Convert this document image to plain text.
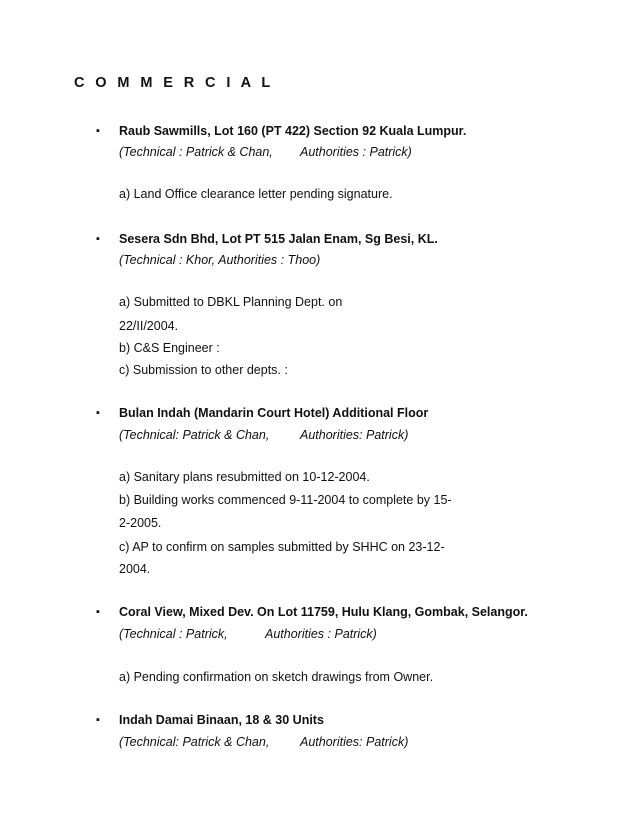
C O M M E R C I A L
▪ Raub Sawmills, Lot 160 (PT 422) Section 92 Kuala Lumpur.
(Technical : Patrick & Chan, Authorities : Patrick)
a) Land Office clearance letter pending signature.
▪ Sesera Sdn Bhd, Lot PT 515 Jalan Enam, Sg Besi, KL.
(Technical : Khor, Authorities : Thoo)
a) Submitted to DBKL Planning Dept. on
22/II/2004.
b) C&S Engineer :
c) Submission to other depts. :
▪ Bulan Indah (Mandarin Court Hotel) Additional Floor
(Technical: Patrick & Chan, Authorities: Patrick)
a) Sanitary plans resubmitted on 10-12-2004.
b) Building works commenced 9-11-2004 to complete by 15-
2-2005.
c) AP to confirm on samples submitted by SHHC on 23-12-
2004.
▪ Coral View, Mixed Dev. On Lot 11759, Hulu Klang, Gombak, Selangor.
(Technical : Patrick,	Authorities : Patrick)
a) Pending confirmation on sketch drawings from Owner.
▪ Indah Damai Binaan, 18 & 30 Units
(Technical: Patrick & Chan, Authorities: Patrick)
